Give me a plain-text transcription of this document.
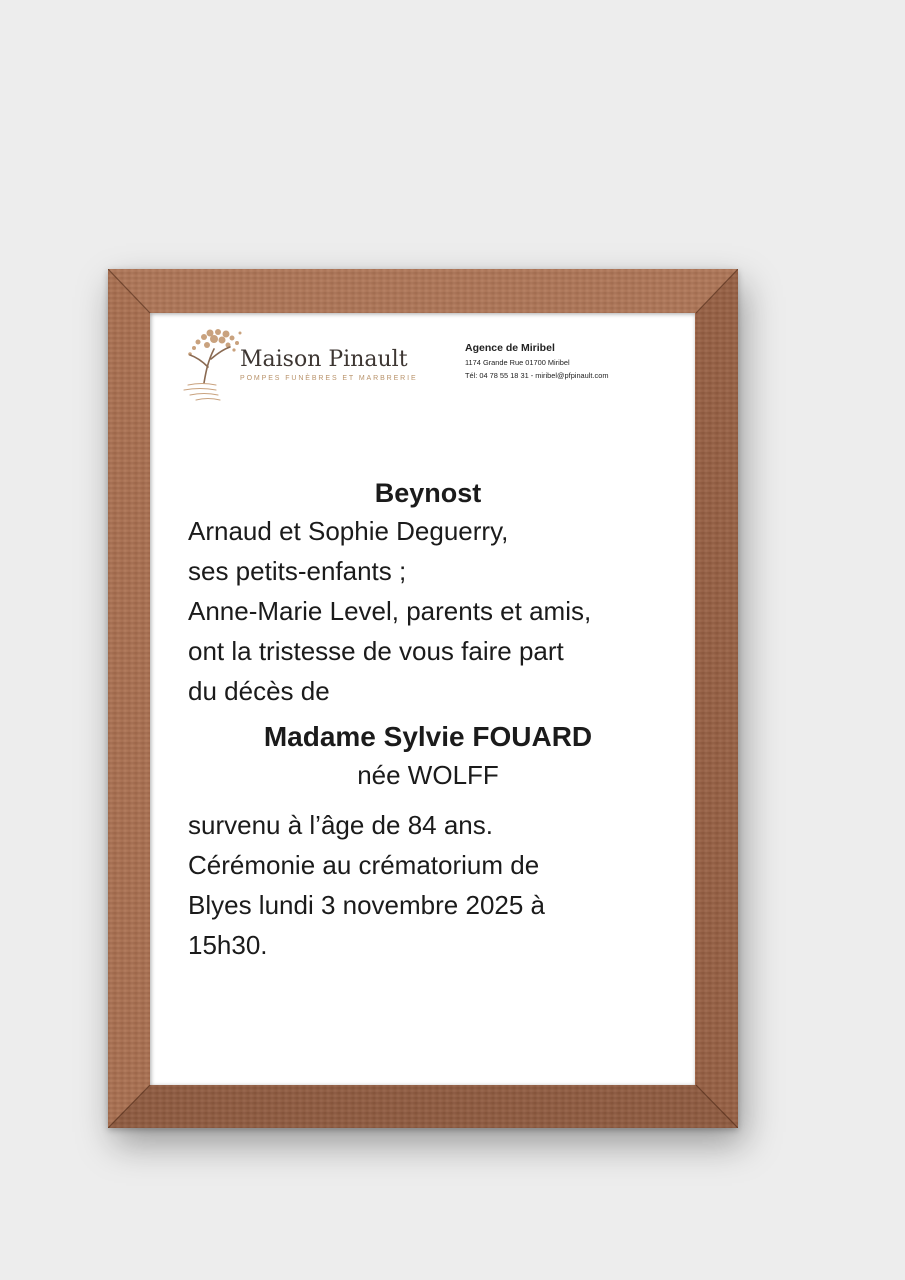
Maison Pinault
POMPES FUNÈBRES ET MARBRERIE
Agence de Miribel
1174 Grande Rue 01700 Miribel
Tél: 04 78 55 18 31 - miribel@pfpinault.com
Beynost
Arnaud et Sophie Deguerry,
ses petits-enfants ;
Anne-Marie Level, parents et amis,
ont la tristesse de vous faire part
du décès de
Madame Sylvie FOUARD
née WOLFF
survenu à l’âge de 84 ans.
Cérémonie au crématorium de
Blyes lundi 3 novembre 2025 à
15h30.
